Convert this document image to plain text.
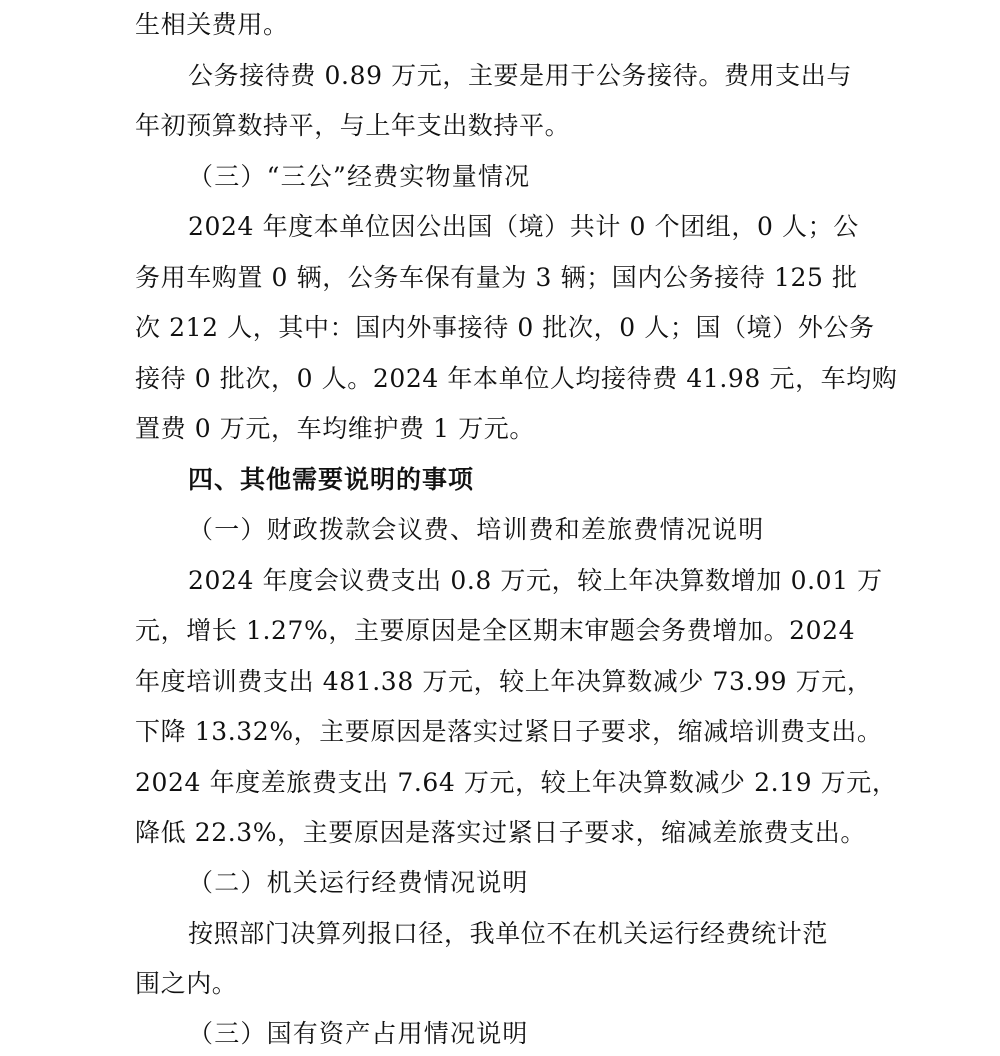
生相关费用。
公务接待费 0.89 万元，主要是用于公务接待。费用支出与
年初预算数持平，与上年支出数持平。
（三）“三公”经费实物量情况
2024 年度本单位因公出国（境）共计 0 个团组，0 人；公
务用车购置 0 辆，公务车保有量为 3 辆；国内公务接待 125 批
次 212 人，其中：国内外事接待 0 批次，0 人；国（境）外公务
接待 0 批次，0 人。2024 年本单位人均接待费 41.98 元，车均购
置费 0 万元，车均维护费 1 万元。
四、其他需要说明的事项
（一）财政拨款会议费、培训费和差旅费情况说明
2024 年度会议费支出 0.8 万元，较上年决算数增加 0.01 万
元，增长 1.27%，主要原因是全区期末审题会务费增加。2024
年度培训费支出 481.38 万元，较上年决算数减少 73.99 万元，
下降 13.32%，主要原因是落实过紧日子要求，缩减培训费支出。
2024 年度差旅费支出 7.64 万元，较上年决算数减少 2.19 万元，
降低 22.3%，主要原因是落实过紧日子要求，缩减差旅费支出。
（二）机关运行经费情况说明
按照部门决算列报口径，我单位不在机关运行经费统计范
围之内。
（三）国有资产占用情况说明
